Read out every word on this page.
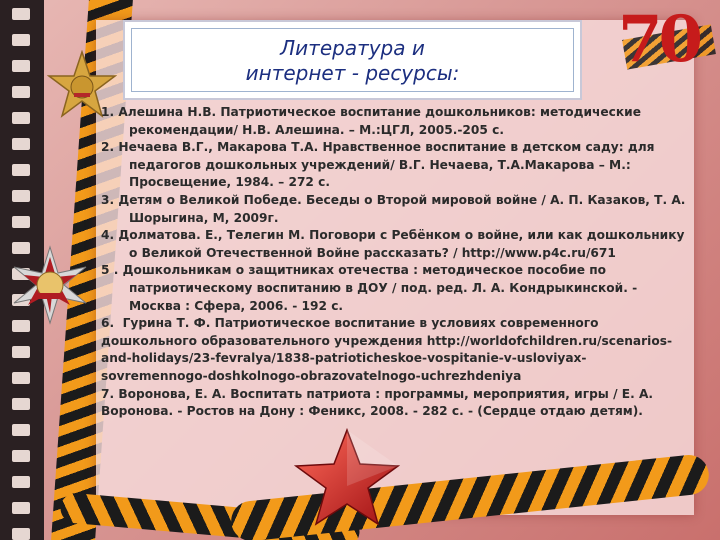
70
Литература и
интернет - ресурсы:

1. Алешина Н.В. Патриотическое воспитание дошкольников: методические рекомендации/ Н.В. Алешина. – М.:ЦГЛ, 2005.-205 с.

2. Нечаева В.Г., Макарова Т.А. Нравственное воспитание в детском саду: для педагогов дошкольных учреждений/ В.Г. Нечаева, Т.А.Макарова – М.: Просвещение, 1984. – 272 с.

3. Детям о Великой Победе. Беседы о Второй мировой войне / А. П. Казаков, Т. А. Шорыгина, М, 2009г.

4. Долматова. Е., Телегин М. Поговори с Ребёнком о войне, или как дошкольнику о Великой Отечественной Войне рассказать? / http://www.p4c.ru/671

5 . Дошкольникам о защитниках отечества : методическое пособие по патриотическому воспитанию в ДОУ / под. ред. Л. А. Кондрыкинской. - Москва : Сфера, 2006. - 192 с.

6. Гурина Т. Ф. Патриотическое воспитание в условиях современного дошкольного образовательного учреждения http://worldofchildren.ru/scenarios-and-holidays/23-fevralya/1838-patrioticheskoe-vospitanie-v-usloviyax-sovremennogo-doshkolnogo-obrazovatelnogo-uchrezhdeniya

7. Воронова, Е. А. Воспитать патриота : программы, мероприятия, игры / Е. А. Воронова. - Ростов на Дону : Феникс, 2008. - 282 с. - (Сердце отдаю детям).
